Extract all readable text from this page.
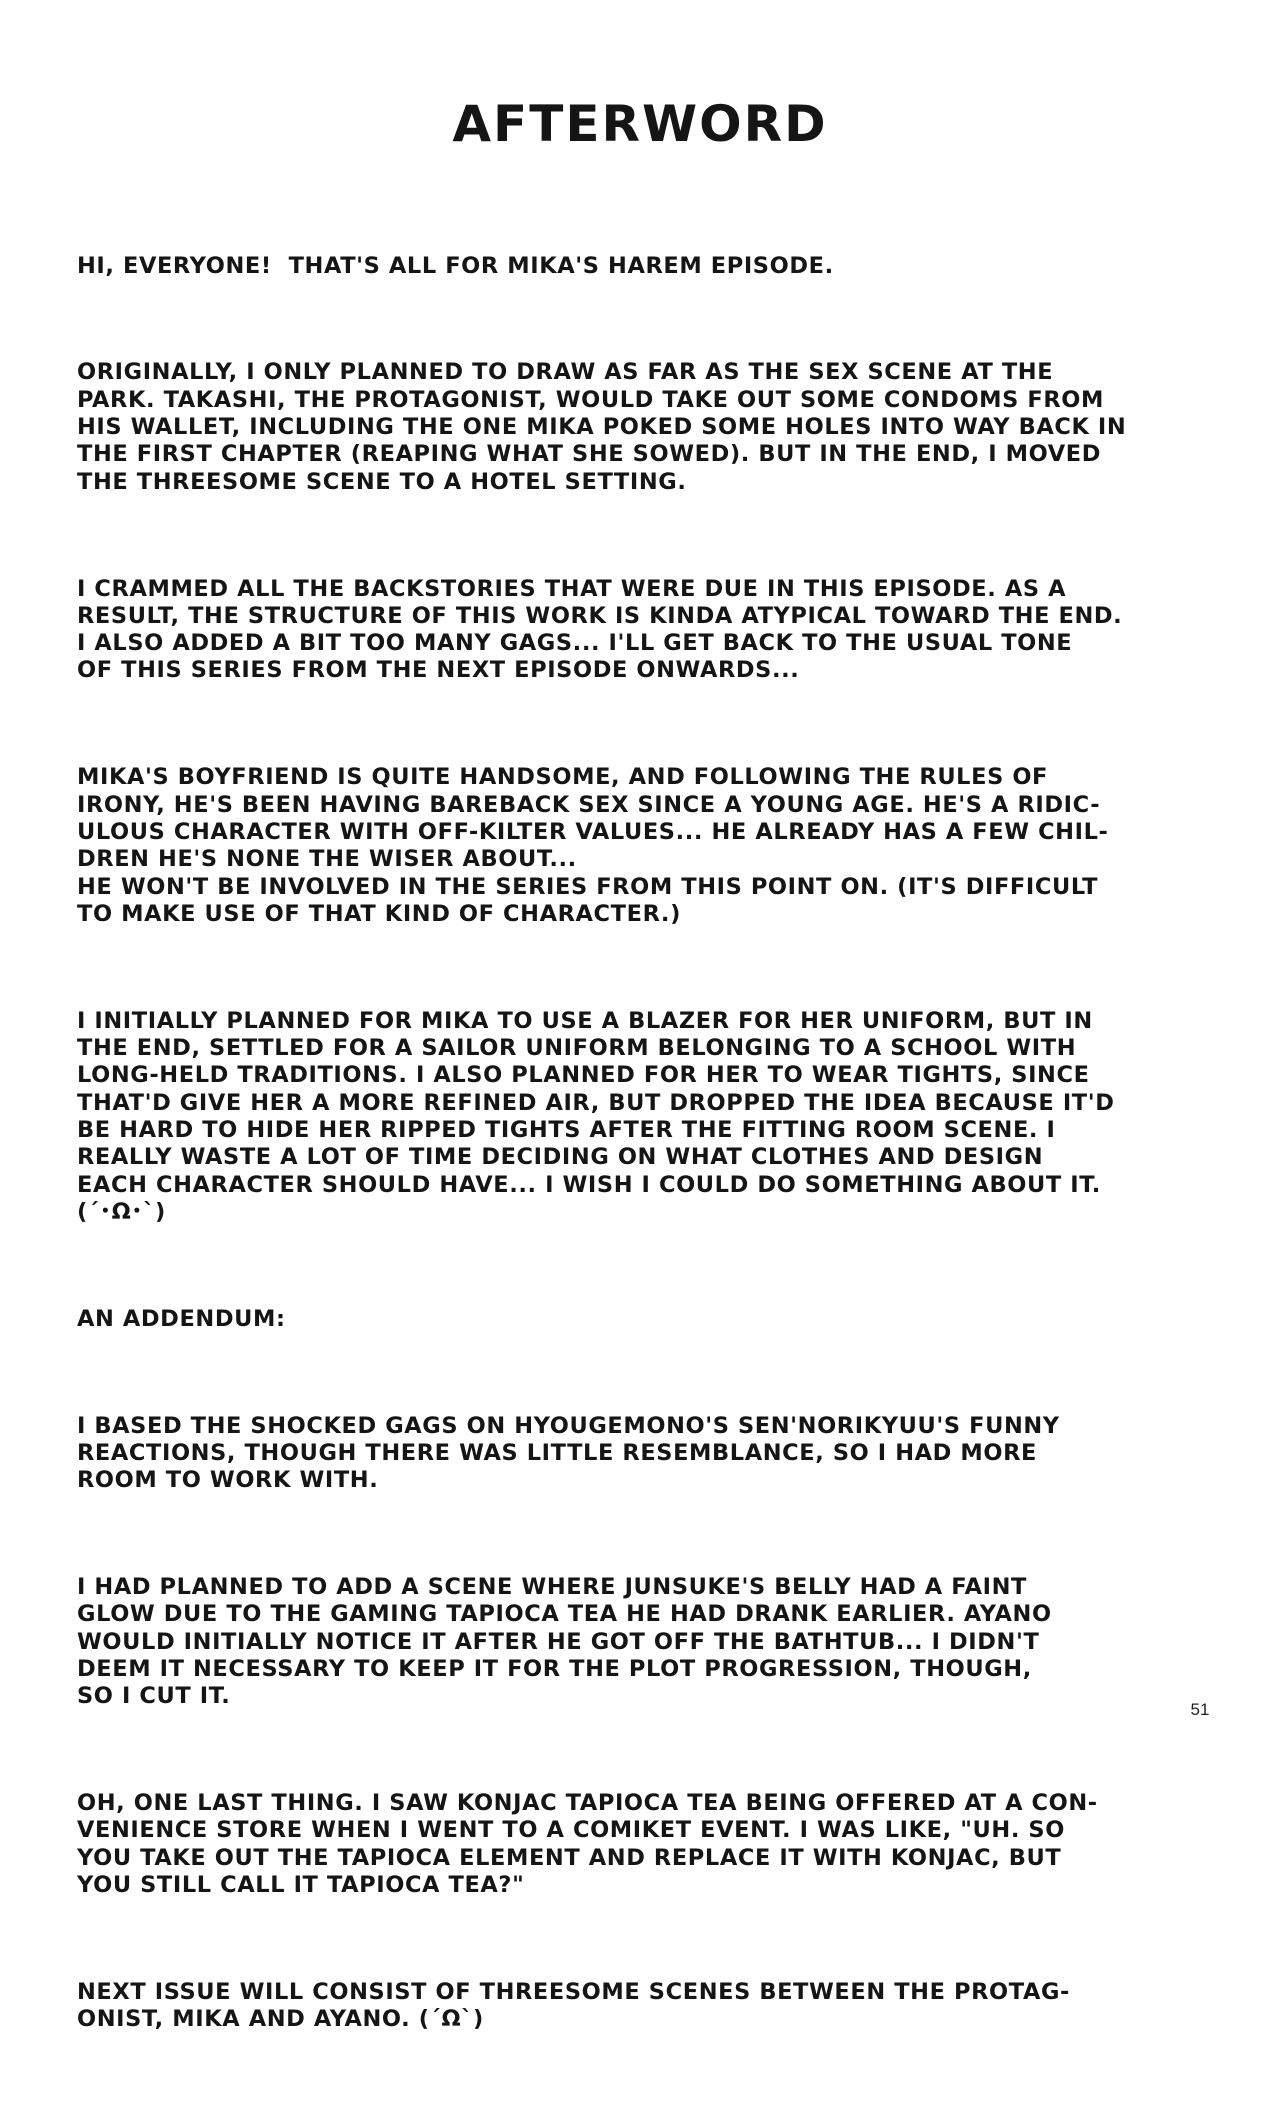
AFTERWORD

HI, EVERYONE!  THAT'S ALL FOR MIKA'S HAREM EPISODE.

ORIGINALLY, I ONLY PLANNED TO DRAW AS FAR AS THE SEX SCENE AT THE
PARK. TAKASHI, THE PROTAGONIST, WOULD TAKE OUT SOME CONDOMS FROM
HIS WALLET, INCLUDING THE ONE MIKA POKED SOME HOLES INTO WAY BACK IN
THE FIRST CHAPTER (REAPING WHAT SHE SOWED). BUT IN THE END, I MOVED
THE THREESOME SCENE TO A HOTEL SETTING.

I CRAMMED ALL THE BACKSTORIES THAT WERE DUE IN THIS EPISODE. AS A
RESULT, THE STRUCTURE OF THIS WORK IS KINDA ATYPICAL TOWARD THE END.
I ALSO ADDED A BIT TOO MANY GAGS... I'LL GET BACK TO THE USUAL TONE
OF THIS SERIES FROM THE NEXT EPISODE ONWARDS...

MIKA'S BOYFRIEND IS QUITE HANDSOME, AND FOLLOWING THE RULES OF
IRONY, HE'S BEEN HAVING BAREBACK SEX SINCE A YOUNG AGE. HE'S A RIDIC-
ULOUS CHARACTER WITH OFF-KILTER VALUES... HE ALREADY HAS A FEW CHIL-
DREN HE'S NONE THE WISER ABOUT...
HE WON'T BE INVOLVED IN THE SERIES FROM THIS POINT ON. (IT'S DIFFICULT
TO MAKE USE OF THAT KIND OF CHARACTER.)

I INITIALLY PLANNED FOR MIKA TO USE A BLAZER FOR HER UNIFORM, BUT IN
THE END, SETTLED FOR A SAILOR UNIFORM BELONGING TO A SCHOOL WITH
LONG-HELD TRADITIONS. I ALSO PLANNED FOR HER TO WEAR TIGHTS, SINCE
THAT'D GIVE HER A MORE REFINED AIR, BUT DROPPED THE IDEA BECAUSE IT'D
BE HARD TO HIDE HER RIPPED TIGHTS AFTER THE FITTING ROOM SCENE. I
REALLY WASTE A LOT OF TIME DECIDING ON WHAT CLOTHES AND DESIGN
EACH CHARACTER SHOULD HAVE... I WISH I COULD DO SOMETHING ABOUT IT.
(´･Ω･`)

AN ADDENDUM:

I BASED THE SHOCKED GAGS ON HYOUGEMONO'S SEN'NORIKYUU'S FUNNY
REACTIONS, THOUGH THERE WAS LITTLE RESEMBLANCE, SO I HAD MORE
ROOM TO WORK WITH.

I HAD PLANNED TO ADD A SCENE WHERE JUNSUKE'S BELLY HAD A FAINT
GLOW DUE TO THE GAMING TAPIOCA TEA HE HAD DRANK EARLIER. AYANO
WOULD INITIALLY NOTICE IT AFTER HE GOT OFF THE BATHTUB... I DIDN'T
DEEM IT NECESSARY TO KEEP IT FOR THE PLOT PROGRESSION, THOUGH,
SO I CUT IT.

OH, ONE LAST THING. I SAW KONJAC TAPIOCA TEA BEING OFFERED AT A CON-
VENIENCE STORE WHEN I WENT TO A COMIKET EVENT. I WAS LIKE, "UH. SO
YOU TAKE OUT THE TAPIOCA ELEMENT AND REPLACE IT WITH KONJAC, BUT
YOU STILL CALL IT TAPIOCA TEA?"

NEXT ISSUE WILL CONSIST OF THREESOME SCENES BETWEEN THE PROTAG-
ONIST, MIKA AND AYANO. (´Ω`)

51
